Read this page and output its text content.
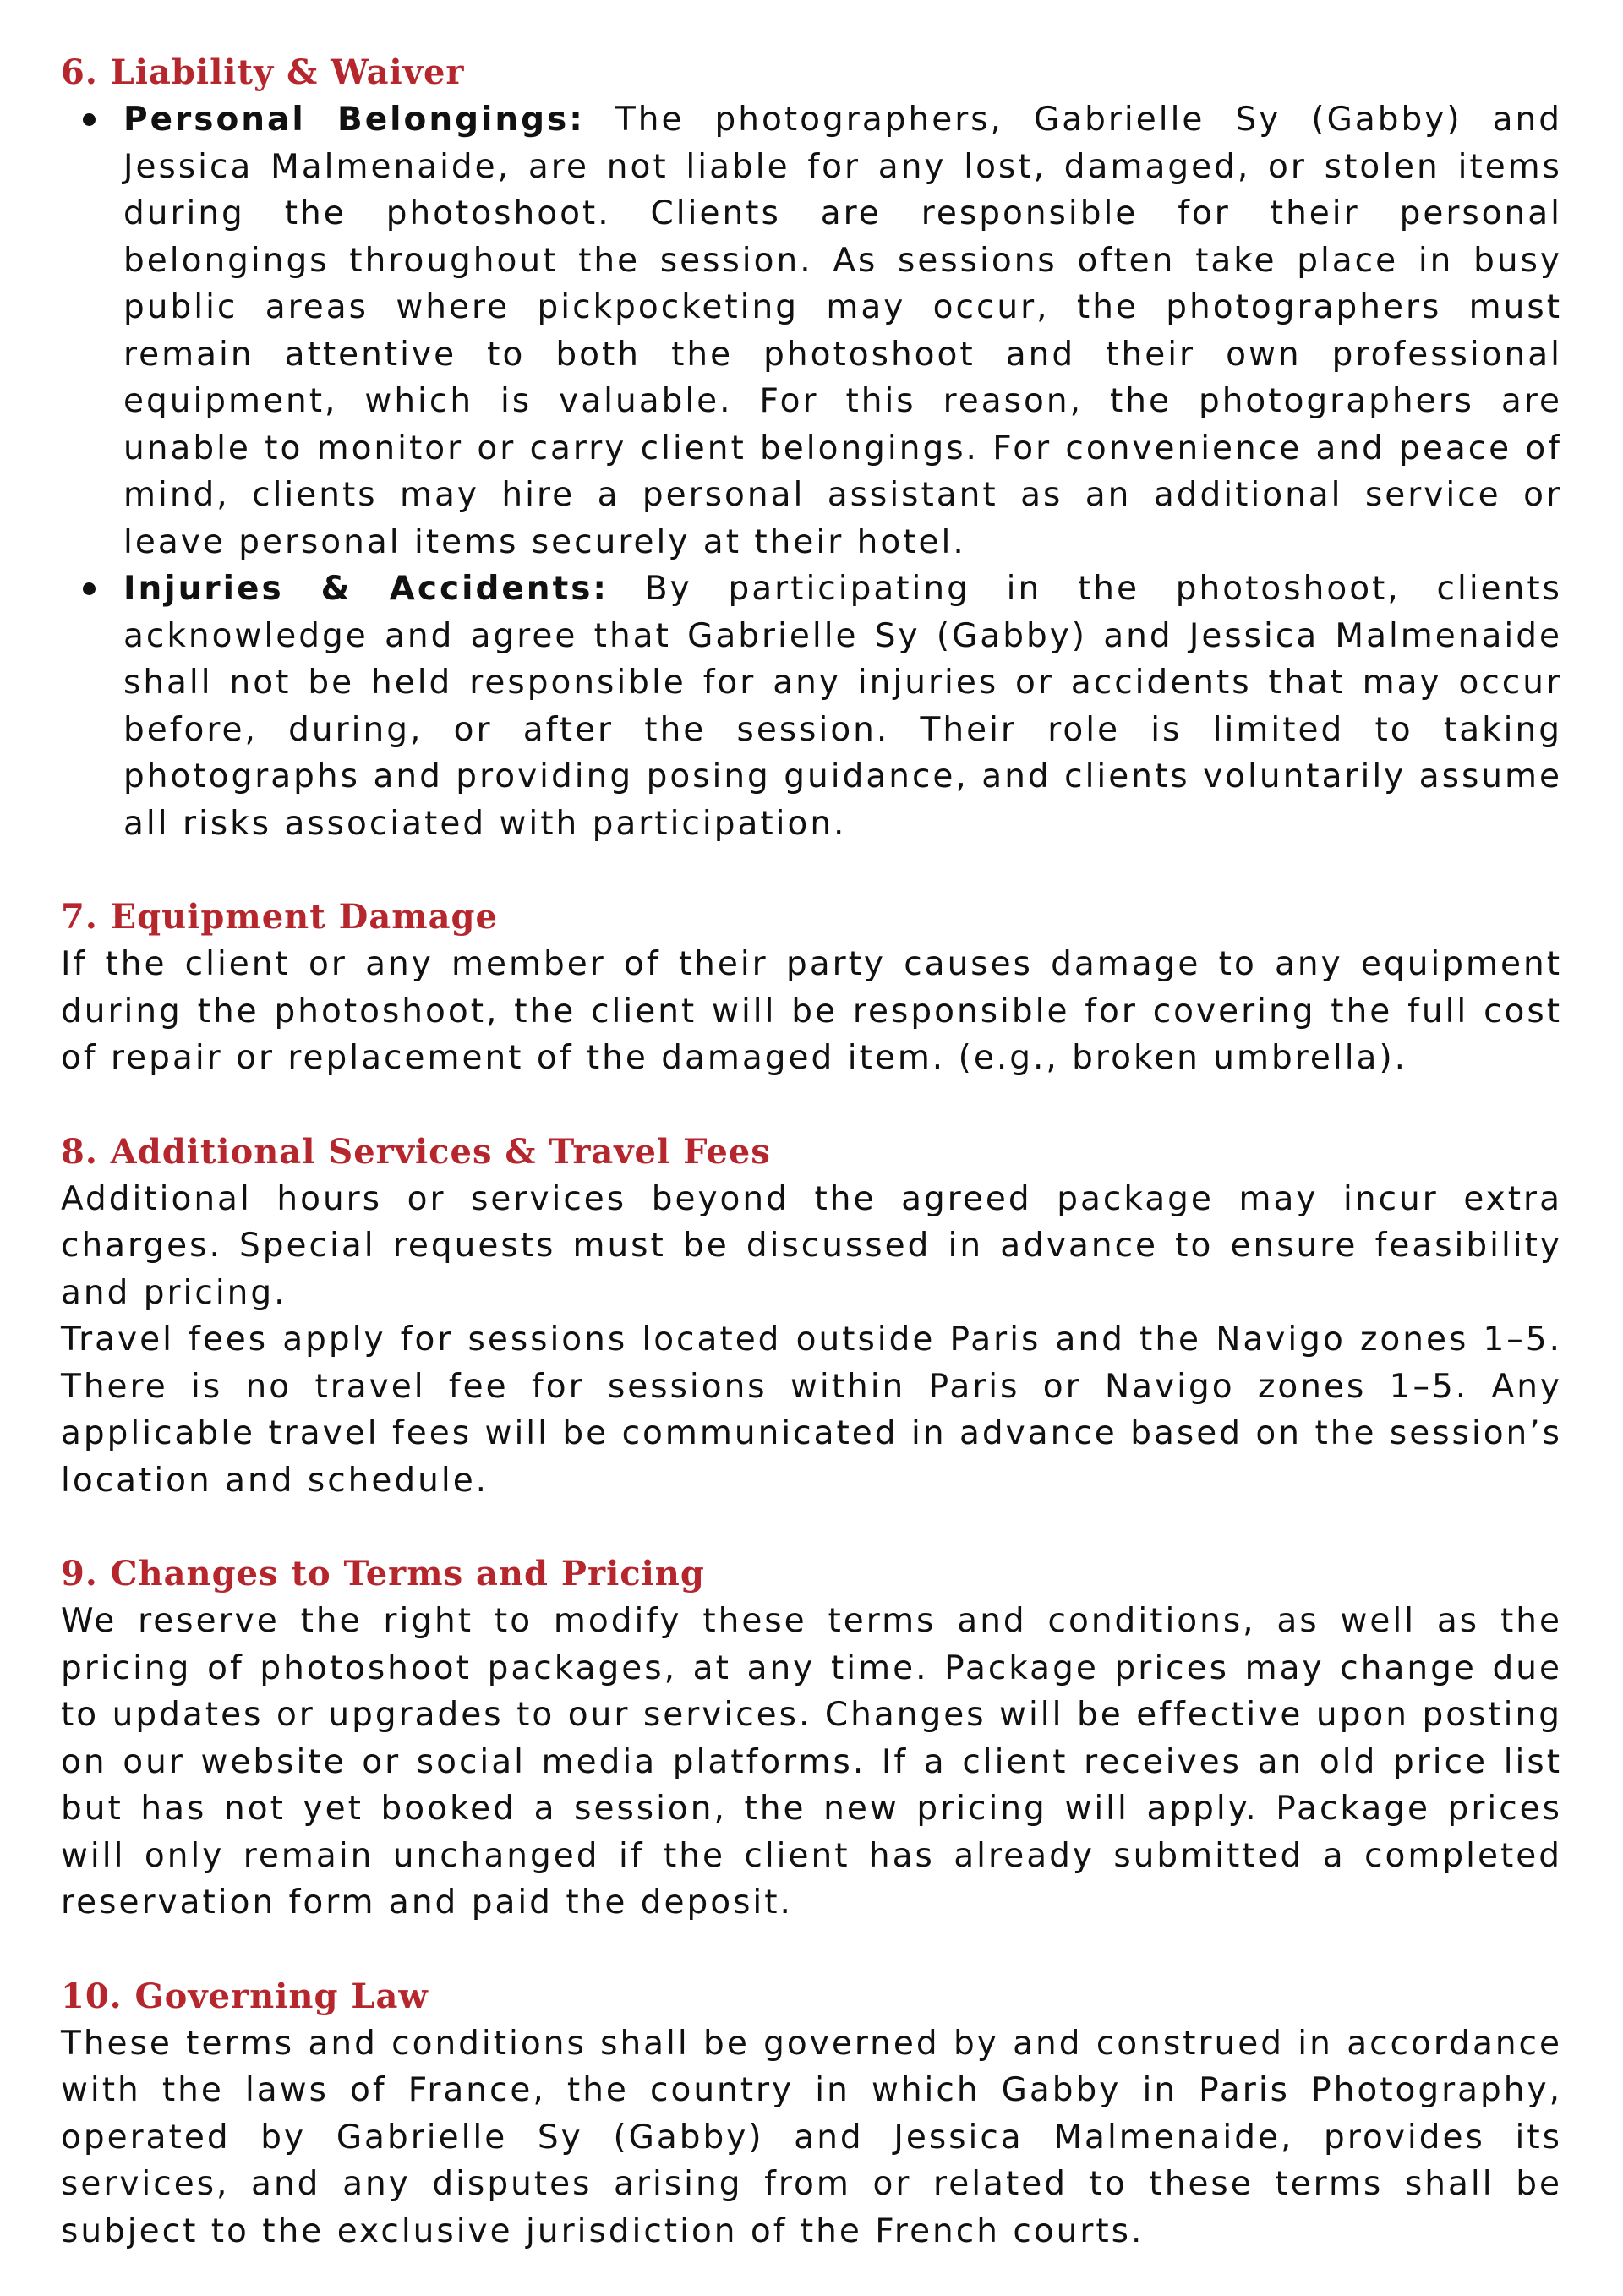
6. Liability & Waiver
Personal Belongings: The photographers, Gabrielle Sy (Gabby) and Jessica Malmenaide, are not liable for any lost, damaged, or stolen items during the photoshoot. Clients are responsible for their personal belongings throughout the session. As sessions often take place in busy public areas where pickpocketing may occur, the photographers must remain attentive to both the photoshoot and their own professional equipment, which is valuable. For this reason, the photographers are unable to monitor or carry client belongings. For convenience and peace of mind, clients may hire a personal assistant as an additional service or leave personal items securely at their hotel.
Injuries & Accidents: By participating in the photoshoot, clients acknowledge and agree that Gabrielle Sy (Gabby) and Jessica Malmenaide shall not be held responsible for any injuries or accidents that may occur before, during, or after the session. Their role is limited to taking photographs and providing posing guidance, and clients voluntarily assume all risks associated with participation.
7. Equipment Damage

If the client or any member of their party causes damage to any equipment during the photoshoot, the client will be responsible for covering the full cost of repair or replacement of the damaged item. (e.g., broken umbrella).

8. Additional Services & Travel Fees

Additional hours or services beyond the agreed package may incur extra charges. Special requests must be discussed in advance to ensure feasibility and pricing.

Travel fees apply for sessions located outside Paris and the Navigo zones 1–5. There is no travel fee for sessions within Paris or Navigo zones 1–5. Any applicable travel fees will be communicated in advance based on the session’s location and schedule.

9. Changes to Terms and Pricing

We reserve the right to modify these terms and conditions, as well as the pricing of photoshoot packages, at any time. Package prices may change due to updates or upgrades to our services. Changes will be effective upon posting on our website or social media platforms. If a client receives an old price list but has not yet booked a session, the new pricing will apply. Package prices will only remain unchanged if the client has already submitted a completed reservation form and paid the deposit.

10. Governing Law

These terms and conditions shall be governed by and construed in accordance with the laws of France, the country in which Gabby in Paris Photography, operated by Gabrielle Sy (Gabby) and Jessica Malmenaide, provides its services, and any disputes arising from or related to these terms shall be subject to the exclusive jurisdiction of the French courts.
